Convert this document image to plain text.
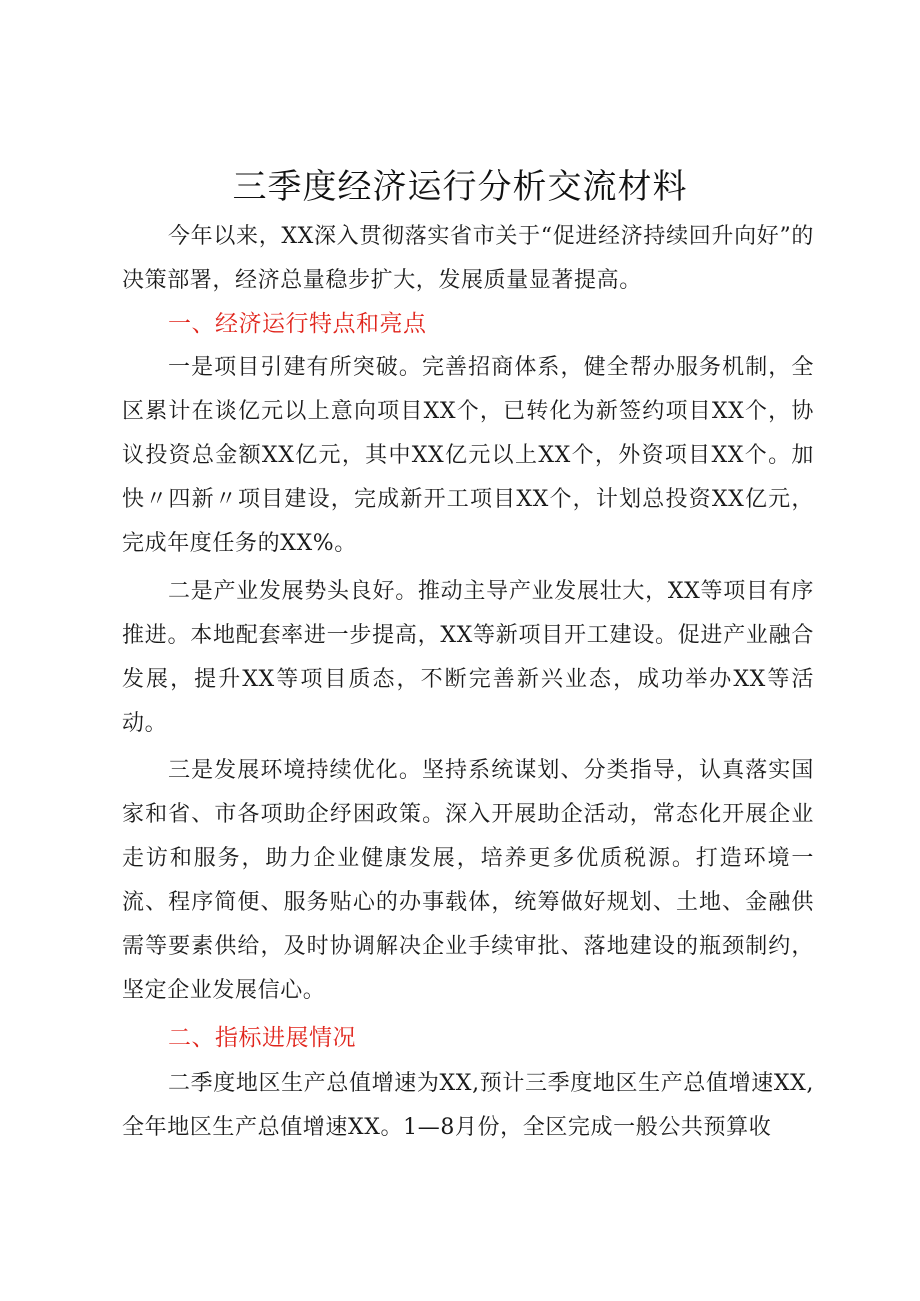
三季度经济运行分析交流材料
今年以来，XX深入贯彻落实省市关于“促进经济持续回升向好”的决策部署，经济总量稳步扩大，发展质量显著提高。
一、经济运行特点和亮点
一是项目引建有所突破。完善招商体系，健全帮办服务机制，全区累计在谈亿元以上意向项目XX个，已转化为新签约项目XX个，协议投资总金额XX亿元，其中XX亿元以上XX个，外资项目XX个。加快〃四新〃项目建设，完成新开工项目XX个，计划总投资XX亿元，完成年度任务的XX%。
二是产业发展势头良好。推动主导产业发展壮大，XX等项目有序推进。本地配套率进一步提高，XX等新项目开工建设。促进产业融合发展，提升XX等项目质态，不断完善新兴业态，成功举办XX等活动。
三是发展环境持续优化。坚持系统谋划、分类指导，认真落实国家和省、市各项助企纾困政策。深入开展助企活动，常态化开展企业走访和服务，助力企业健康发展，培养更多优质税源。打造环境一流、程序简便、服务贴心的办事载体，统筹做好规划、土地、金融供需等要素供给，及时协调解决企业手续审批、落地建设的瓶颈制约，坚定企业发展信心。
二、指标进展情况
二季度地区生产总值增速为XX,预计三季度地区生产总值增速XX,全年地区生产总值增速XX。1—8月份，全区完成一般公共预算收
